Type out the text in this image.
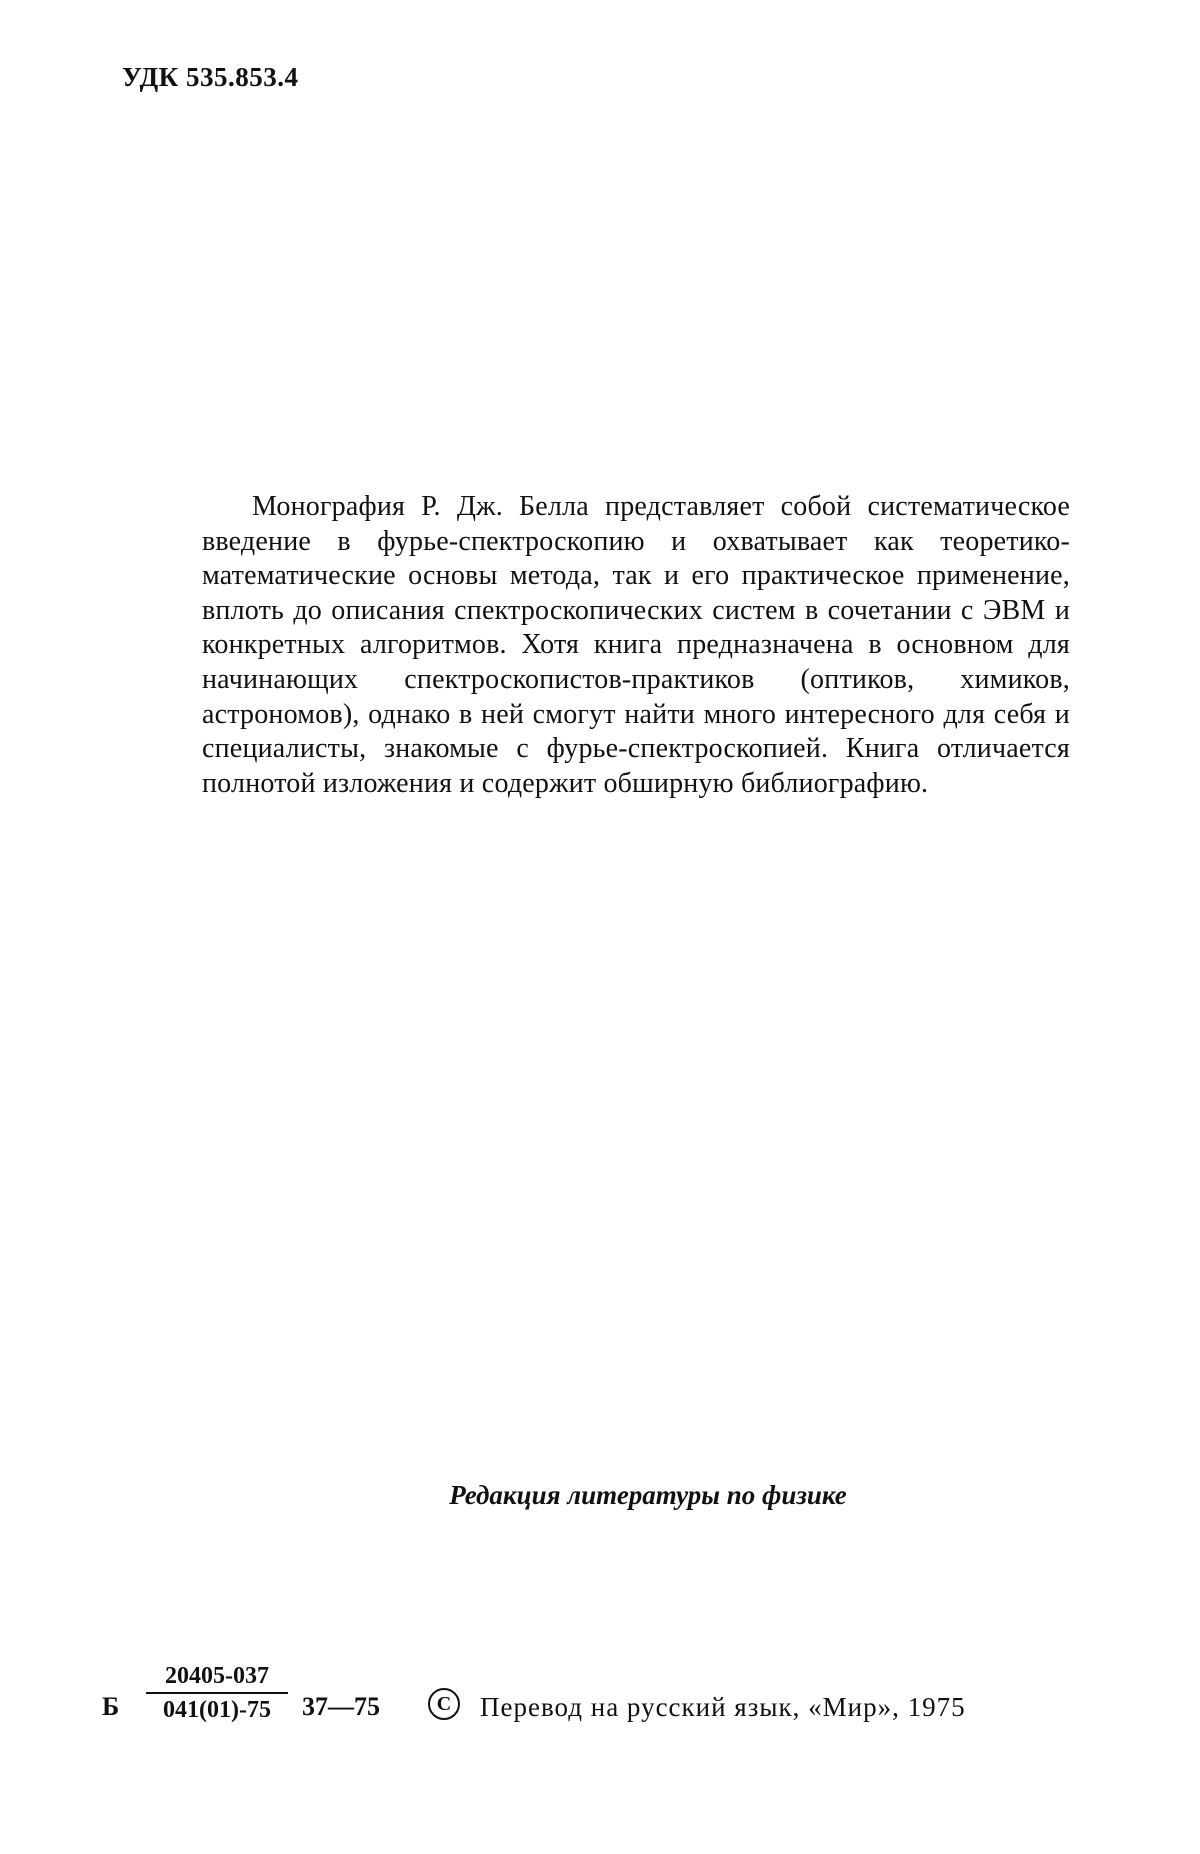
УДК 535.853.4

Монография Р. Дж. Белла представляет собой систематическое введение в фурье-спектроскопию и охватывает как теоретико-математические основы метода, так и его практическое применение, вплоть до описания спектроскопических систем в сочетании с ЭВМ и конкретных алгоритмов. Хотя книга предназначена в основном для начинающих спектроскопистов-практиков (оптиков, химиков, астрономов), однако в ней смогут найти много интересного для себя и специалисты, знакомые с фурье-спектроскопией. Книга отличается полнотой изложения и содержит обширную библиографию.

Редакция литературы по физике
Б
20405-037
041(01)-75 37—75	C Перевод на русский язык, «Мир», 1975
